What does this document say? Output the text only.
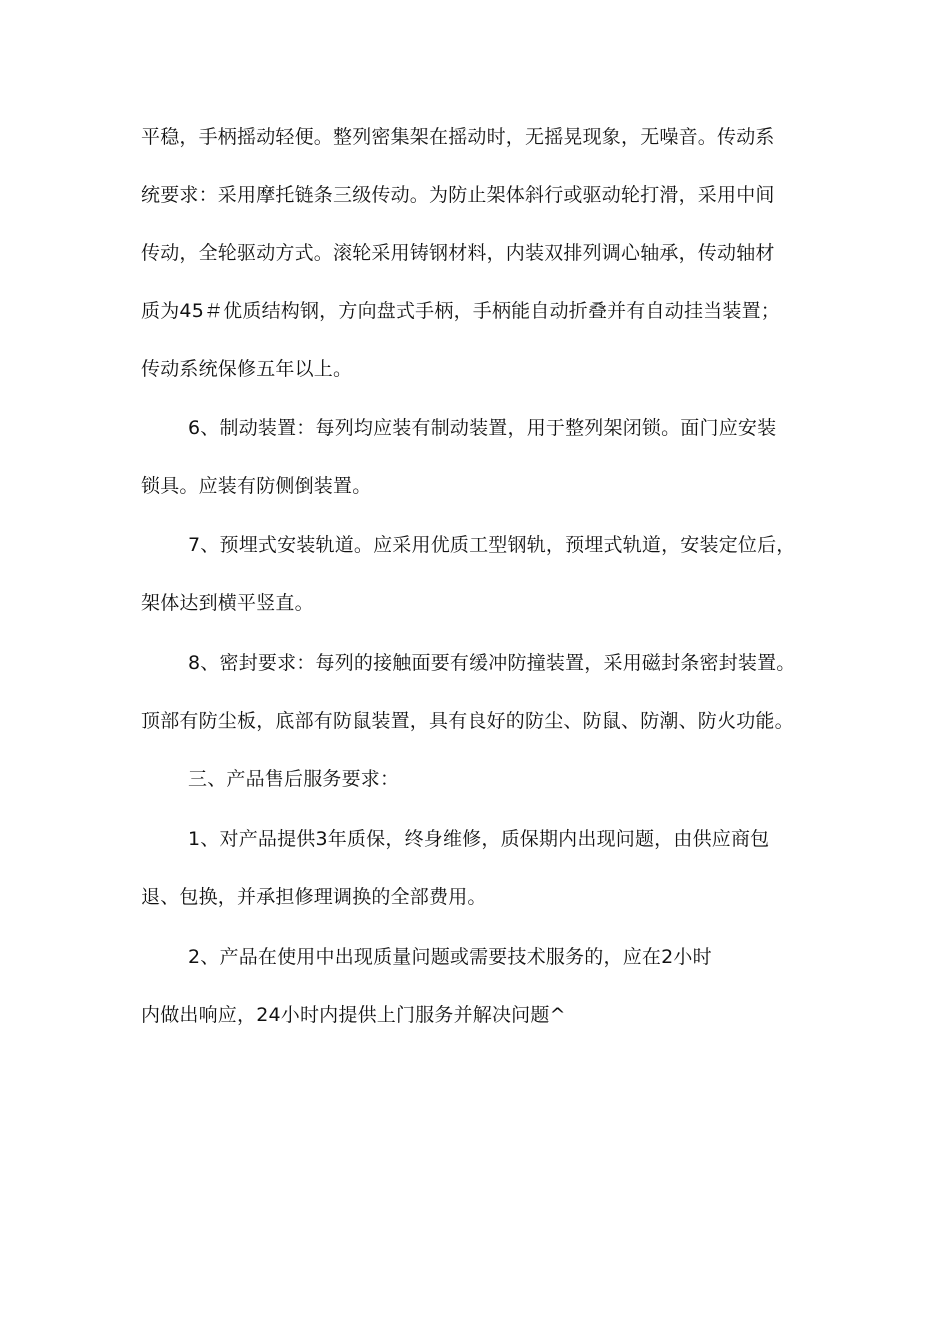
平稳，手柄摇动轻便。整列密集架在摇动时，无摇晃现象，无噪音。传动系
统要求：采用摩托链条三级传动。为防止架体斜行或驱动轮打滑，采用中间
传动，全轮驱动方式。滚轮采用铸钢材料，内装双排列调心轴承，传动轴材
质为45＃优质结构钢，方向盘式手柄，手柄能自动折叠并有自动挂当装置；
传动系统保修五年以上。
6、制动装置：每列均应装有制动装置，用于整列架闭锁。面门应安装
锁具。应装有防侧倒装置。
7、预埋式安装轨道。应采用优质工型钢轨，预埋式轨道，安装定位后，
架体达到横平竖直。
8、密封要求：每列的接触面要有缓冲防撞装置，采用磁封条密封装置。
顶部有防尘板，底部有防鼠装置，具有良好的防尘、防鼠、防潮、防火功能。
三、产品售后服务要求：
1、对产品提供3年质保，终身维修，质保期内出现问题，由供应商包
退、包换，并承担修理调换的全部费用。
2、产品在使用中出现质量问题或需要技术服务的，应在2小时
内做出响应，24小时内提供上门服务并解决问题^
